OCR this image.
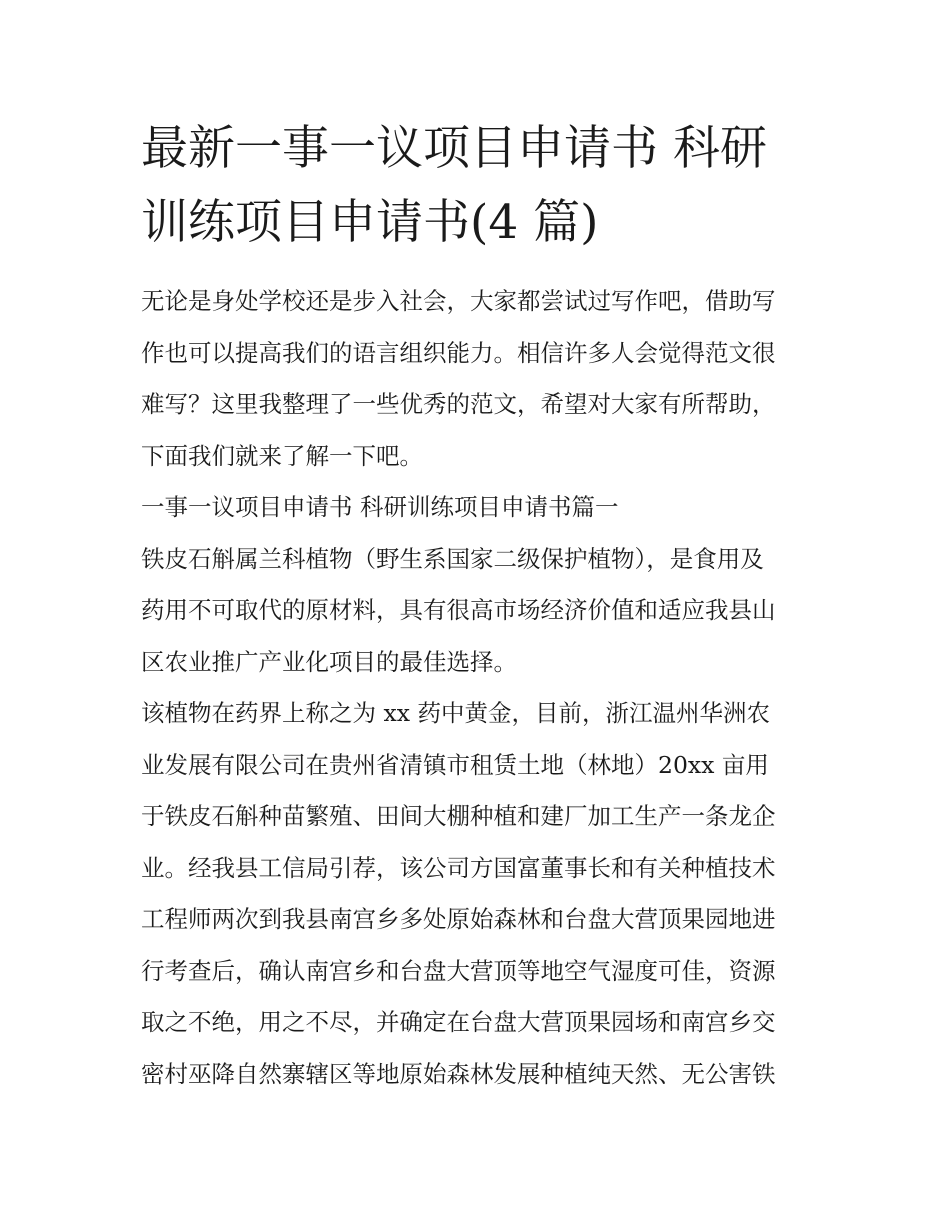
最新一事一议项目申请书 科研
训练项目申请书(4 篇)
无论是身处学校还是步入社会，大家都尝试过写作吧，借助写
作也可以提高我们的语言组织能力。相信许多人会觉得范文很
难写？这里我整理了一些优秀的范文，希望对大家有所帮助，
下面我们就来了解一下吧。
一事一议项目申请书 科研训练项目申请书篇一
铁皮石斛属兰科植物（野生系国家二级保护植物），是食用及
药用不可取代的原材料，具有很高市场经济价值和适应我县山
区农业推广产业化项目的最佳选择。
该植物在药界上称之为 xx 药中黄金，目前，浙江温州华洲农
业发展有限公司在贵州省清镇市租赁土地（林地）20xx 亩用
于铁皮石斛种苗繁殖、田间大棚种植和建厂加工生产一条龙企
业。经我县工信局引荐，该公司方国富董事长和有关种植技术
工程师两次到我县南宫乡多处原始森林和台盘大营顶果园地进
行考查后，确认南宫乡和台盘大营顶等地空气湿度可佳，资源
取之不绝，用之不尽，并确定在台盘大营顶果园场和南宫乡交
密村巫降自然寨辖区等地原始森林发展种植纯天然、无公害铁
